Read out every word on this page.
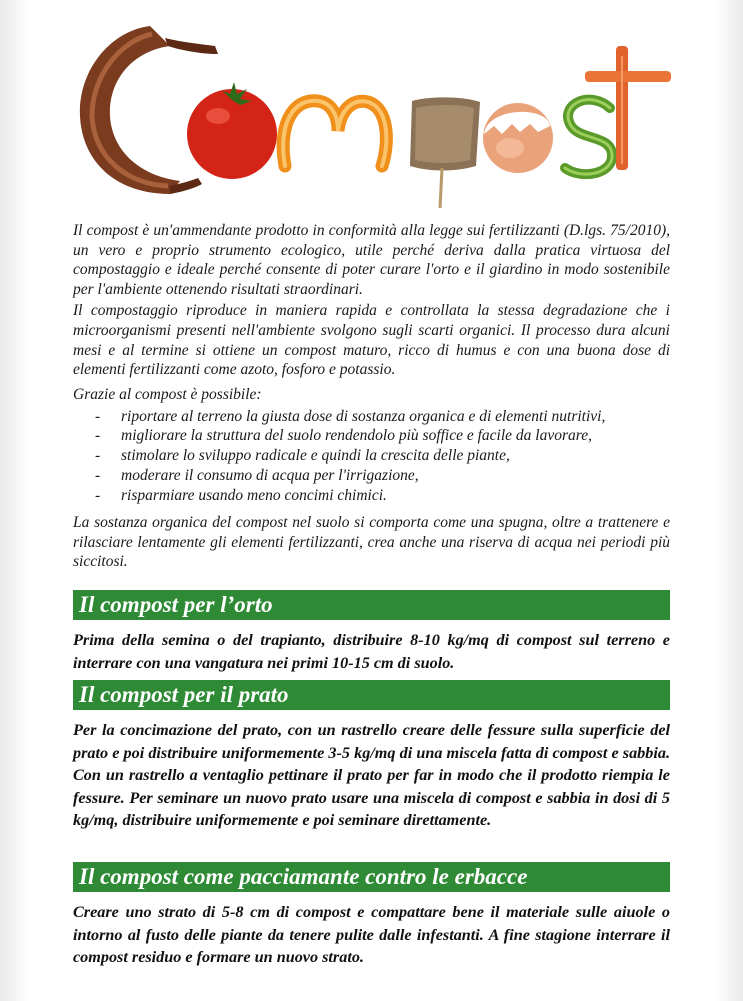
Il compost è un'ammendante prodotto in conformità alla legge sui fertilizzanti (D.lgs. 75/2010), un vero e proprio strumento ecologico, utile perché deriva dalla pratica virtuosa del compostaggio e ideale perché consente di poter curare l'orto e il giardino in modo sostenibile per l'ambiente ottenendo risultati straordinari.

Il compostaggio riproduce in maniera rapida e controllata la stessa degradazione che i microorganismi presenti nell'ambiente svolgono sugli scarti organici. Il processo dura alcuni mesi e al termine si ottiene un compost maturo, ricco di humus e con una buona dose di elementi fertilizzanti come azoto, fosforo e potassio.

Grazie al compost è possibile:

- riportare al terreno la giusta dose di sostanza organica e di elementi nutritivi,
- migliorare la struttura del suolo rendendolo più soffice e facile da lavorare,
- stimolare lo sviluppo radicale e quindi la crescita delle piante,
- moderare il consumo di acqua per l'irrigazione,
- risparmiare usando meno concimi chimici.
La sostanza organica del compost nel suolo si comporta come una spugna, oltre a trattenere e rilasciare lentamente gli elementi fertilizzanti, crea anche una riserva di acqua nei periodi più siccitosi.
Il compost per l’orto
Prima della semina o del trapianto, distribuire 8-10 kg/mq di compost sul terreno e interrare con una vangatura nei primi 10-15 cm di suolo.
Il compost per il prato
Per la concimazione del prato, con un rastrello creare delle fessure sulla superficie del prato e poi distribuire uniformemente 3-5 kg/mq di una miscela fatta di compost e sabbia. Con un rastrello a ventaglio pettinare il prato per far in modo che il prodotto riempia le fessure. Per seminare un nuovo prato usare una miscela di compost e sabbia in dosi di 5 kg/mq, distribuire uniformemente e poi seminare direttamente.
Il compost come pacciamante contro le erbacce
Creare uno strato di 5-8 cm di compost e compattare bene il materiale sulle aiuole o intorno al fusto delle piante da tenere pulite dalle infestanti. A fine stagione interrare il compost residuo e formare un nuovo strato.
